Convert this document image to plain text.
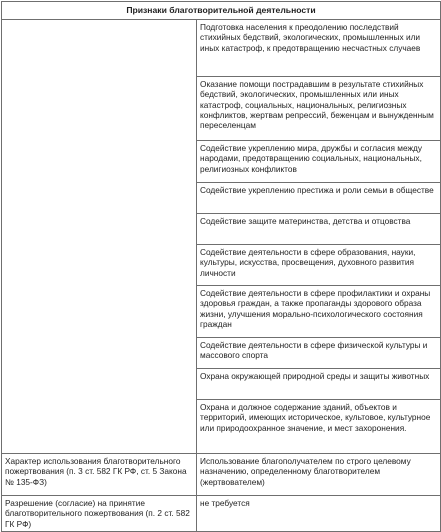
Признаки благотворительной деятельности	
	Подготовка населения к преодолению последствий стихийных бедствий, экологических, промышленных или иных катастроф, к предотвращению несчастных случаев
	Оказание помощи пострадавшим в результате стихийных бедствий, экологических, промышленных или иных катастроф, социальных, национальных, религиозных конфликтов, жертвам репрессий, беженцам и вынужденным переселенцам
	Содействие укреплению мира, дружбы и согласия между народами, предотвращению социальных, национальных, религиозных конфликтов
	Содействие укреплению престижа и роли семьи в обществе
	Содействие защите материнства, детства и отцовства
	Содействие деятельности в сфере образования, науки, культуры, искусства, просвещения, духовного развития личности
	Содействие деятельности в сфере профилактики и охраны здоровья граждан, а также пропаганды здорового образа жизни, улучшения морально-психологического состояния граждан
	Содействие деятельности в сфере физической культуры и массового спорта
	Охрана окружающей природной среды и защиты животных
	Охрана и должное содержание зданий, объектов и территорий, имеющих историческое, культовое, культурное или природоохранное значение, и мест захоронения.
Характер использования благотворительного пожертвования (п. 3 ст. 582 ГК РФ, ст. 5 Закона № 135-ФЗ)	Использование благополучателем по строго целевому назначению, определенному благотворителем (жертвователем)
Разрешение (согласие) на принятие благотворительного пожертвования (п. 2 ст. 582 ГК РФ)	не требуется
